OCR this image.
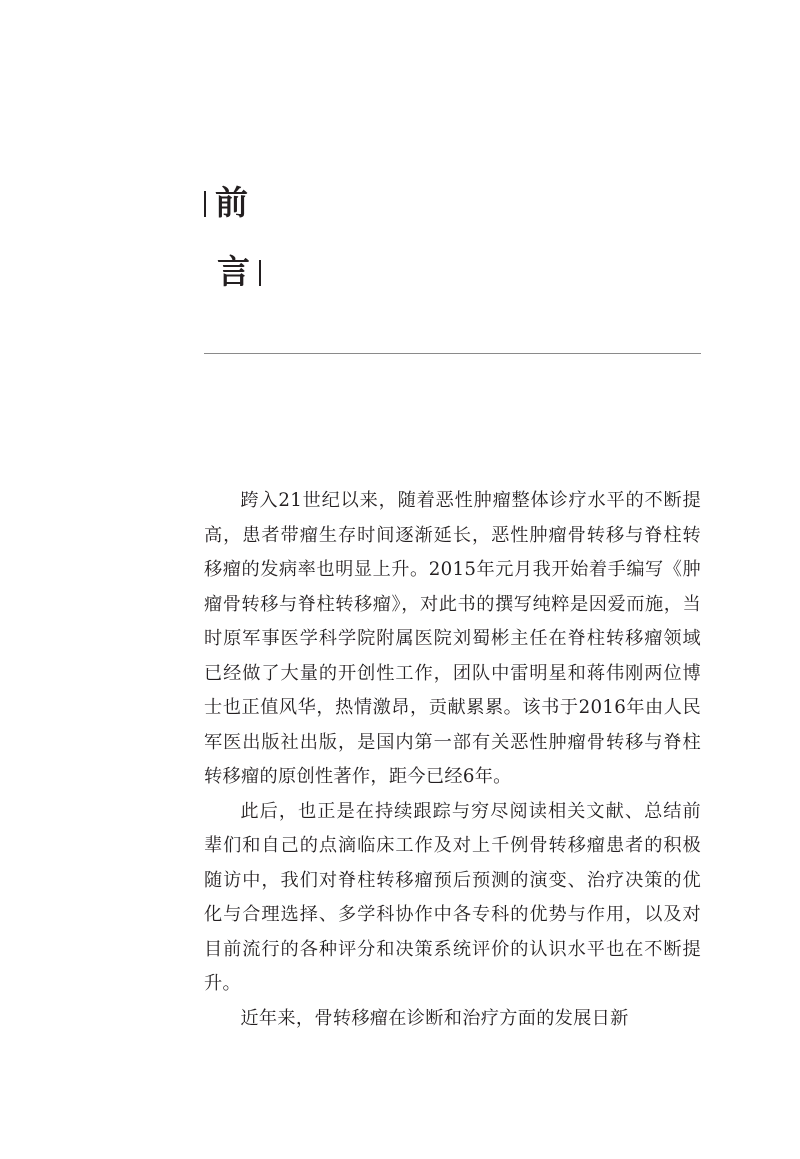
前
言

跨入21世纪以来，随着恶性肿瘤整体诊疗水平的不断提高，患者带瘤生存时间逐渐延长，恶性肿瘤骨转移与脊柱转移瘤的发病率也明显上升。2015年元月我开始着手编写《肿瘤骨转移与脊柱转移瘤》，对此书的撰写纯粹是因爱而施，当时原军事医学科学院附属医院刘蜀彬主任在脊柱转移瘤领域已经做了大量的开创性工作，团队中雷明星和蒋伟刚两位博士也正值风华，热情激昂，贡献累累。该书于2016年由人民军医出版社出版，是国内第一部有关恶性肿瘤骨转移与脊柱转移瘤的原创性著作，距今已经6年。

此后，也正是在持续跟踪与穷尽阅读相关文献、总结前辈们和自己的点滴临床工作及对上千例骨转移瘤患者的积极随访中，我们对脊柱转移瘤预后预测的演变、治疗决策的优化与合理选择、多学科协作中各专科的优势与作用，以及对目前流行的各种评分和决策系统评价的认识水平也在不断提升。

近年来，骨转移瘤在诊断和治疗方面的发展日新
